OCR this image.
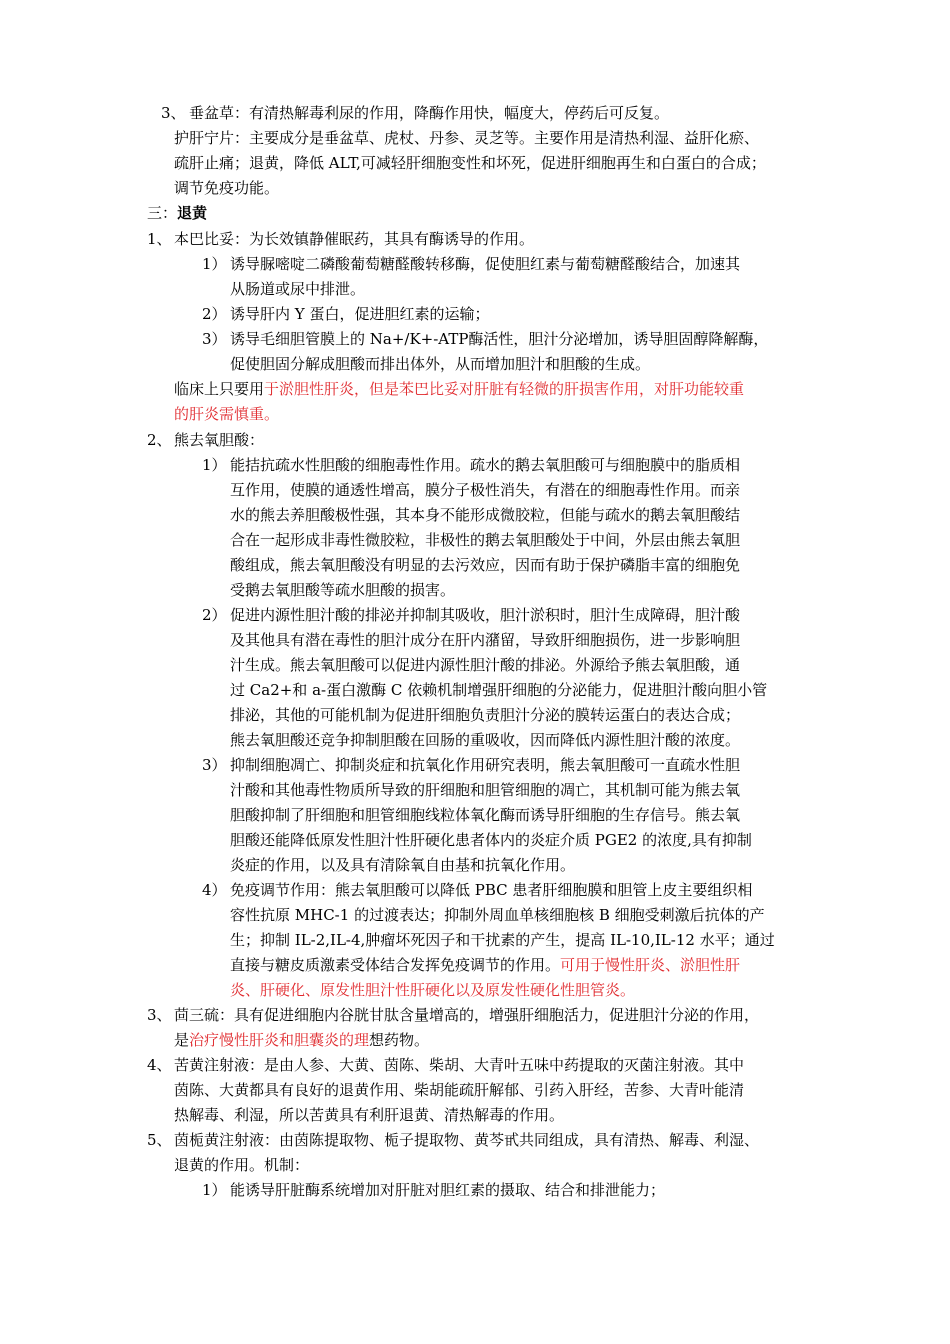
3、 垂盆草：有清热解毒利尿的作用，降酶作用快，幅度大，停药后可反复。

护肝宁片：主要成分是垂盆草、虎杖、丹参、灵芝等。主要作用是清热利湿、益肝化瘀、

疏肝止痛；退黄，降低 ALT,可减轻肝细胞变性和坏死，促进肝细胞再生和白蛋白的合成；

调节免疫功能。

三：退黄

1、 本巴比妥：为长效镇静催眠药，其具有酶诱导的作用。

1） 诱导脲嘧啶二磷酸葡萄糖醛酸转移酶，促使胆红素与葡萄糖醛酸结合，加速其

从肠道或尿中排泄。

2） 诱导肝内 Y 蛋白，促进胆红素的运输；

3） 诱导毛细胆管膜上的 Na+/K+-ATP酶活性，胆汁分泌增加，诱导胆固醇降解酶，

促使胆固分解成胆酸而排出体外，从而增加胆汁和胆酸的生成。

临床上只要用于淤胆性肝炎，但是苯巴比妥对肝脏有轻微的肝损害作用，对肝功能较重

的肝炎需慎重。

2、 熊去氧胆酸：

1） 能拮抗疏水性胆酸的细胞毒性作用。疏水的鹅去氧胆酸可与细胞膜中的脂质相

互作用，使膜的通透性增高，膜分子极性消失，有潜在的细胞毒性作用。而亲

水的熊去养胆酸极性强，其本身不能形成微胶粒，但能与疏水的鹅去氧胆酸结

合在一起形成非毒性微胶粒，非极性的鹅去氧胆酸处于中间，外层由熊去氧胆

酸组成，熊去氧胆酸没有明显的去污效应，因而有助于保护磷脂丰富的细胞免

受鹅去氧胆酸等疏水胆酸的损害。

2） 促进内源性胆汁酸的排泌并抑制其吸收，胆汁淤积时，胆汁生成障碍，胆汁酸

及其他具有潜在毒性的胆汁成分在肝内潴留，导致肝细胞损伤，进一步影响胆

汁生成。熊去氧胆酸可以促进内源性胆汁酸的排泌。外源给予熊去氧胆酸，通

过 Ca2+和 a-蛋白激酶 C 依赖机制增强肝细胞的分泌能力，促进胆汁酸向胆小管

排泌，其他的可能机制为促进肝细胞负责胆汁分泌的膜转运蛋白的表达合成；

熊去氧胆酸还竞争抑制胆酸在回肠的重吸收，因而降低内源性胆汁酸的浓度。

3） 抑制细胞凋亡、抑制炎症和抗氧化作用研究表明，熊去氧胆酸可一直疏水性胆

汁酸和其他毒性物质所导致的肝细胞和胆管细胞的凋亡，其机制可能为熊去氧

胆酸抑制了肝细胞和胆管细胞线粒体氧化酶而诱导肝细胞的生存信号。熊去氧

胆酸还能降低原发性胆汁性肝硬化患者体内的炎症介质 PGE2 的浓度,具有抑制

炎症的作用，以及具有清除氧自由基和抗氧化作用。

4） 免疫调节作用：熊去氧胆酸可以降低 PBC 患者肝细胞膜和胆管上皮主要组织相

容性抗原 MHC-1 的过渡表达；抑制外周血单核细胞核 B 细胞受刺激后抗体的产

生；抑制 IL-2,IL-4,肿瘤坏死因子和干扰素的产生，提高 IL-10,IL-12 水平；通过

直接与糖皮质激素受体结合发挥免疫调节的作用。可用于慢性肝炎、淤胆性肝

炎、肝硬化、原发性胆汁性肝硬化以及原发性硬化性胆管炎。

3、 茴三硫：具有促进细胞内谷胱甘肽含量增高的，增强肝细胞活力，促进胆汁分泌的作用，

是治疗慢性肝炎和胆囊炎的理想药物。

4、 苦黄注射液：是由人参、大黄、茵陈、柴胡、大青叶五味中药提取的灭菌注射液。其中

茵陈、大黄都具有良好的退黄作用、柴胡能疏肝解郁、引药入肝经，苦参、大青叶能清

热解毒、利湿，所以苦黄具有利肝退黄、清热解毒的作用。

5、 茵栀黄注射液：由茵陈提取物、栀子提取物、黄芩甙共同组成，具有清热、解毒、利湿、

退黄的作用。机制：

1） 能诱导肝脏酶系统增加对肝脏对胆红素的摄取、结合和排泄能力；
